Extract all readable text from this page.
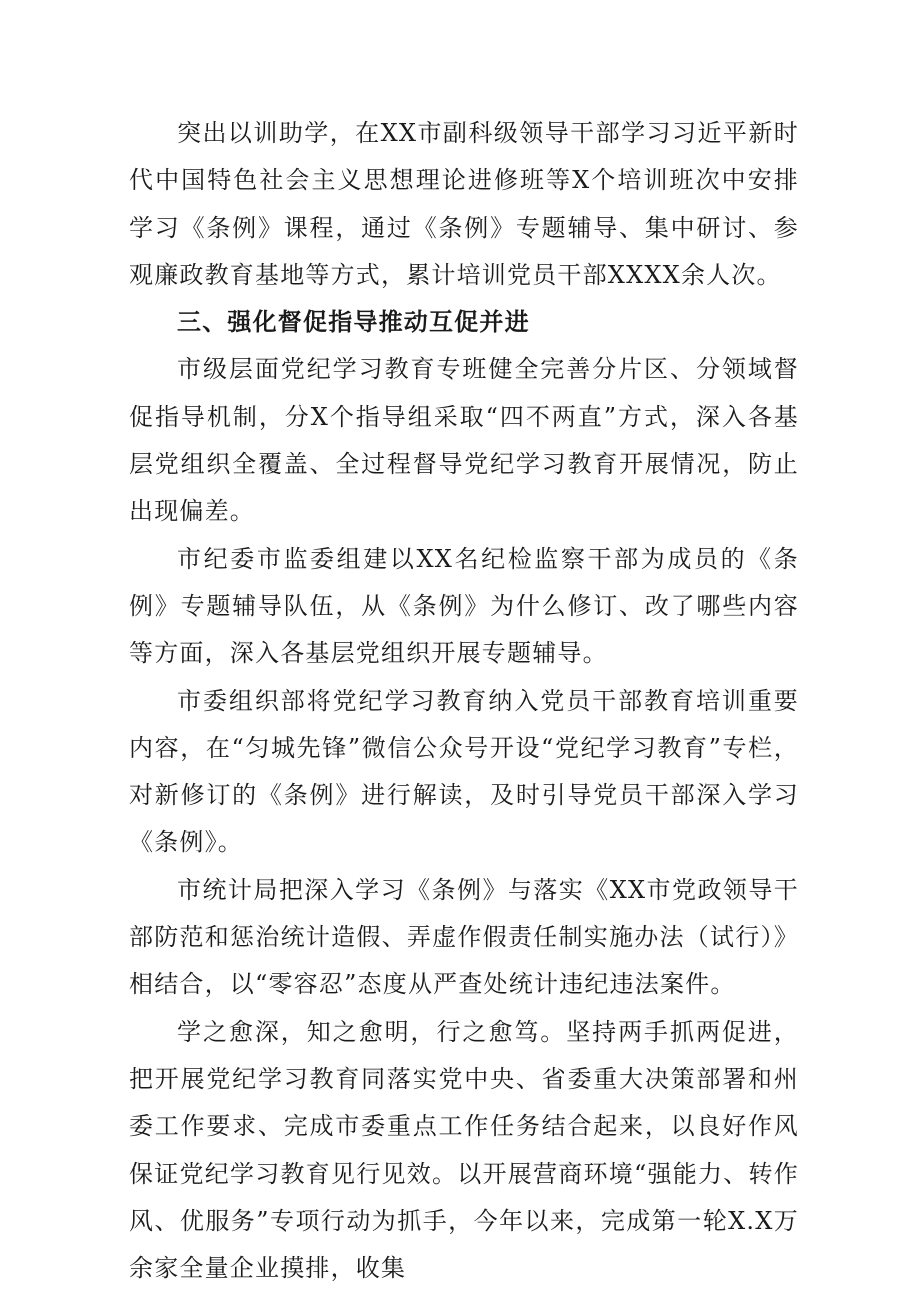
突出以训助学，在XX市副科级领导干部学习习近平新时代中国特色社会主义思想理论进修班等X个培训班次中安排学习《条例》课程，通过《条例》专题辅导、集中研讨、参观廉政教育基地等方式，累计培训党员干部XXXX余人次。

三、强化督促指导推动互促并进

市级层面党纪学习教育专班健全完善分片区、分领域督促指导机制，分X个指导组采取“四不两直”方式，深入各基层党组织全覆盖、全过程督导党纪学习教育开展情况，防止出现偏差。

市纪委市监委组建以XX名纪检监察干部为成员的《条例》专题辅导队伍，从《条例》为什么修订、改了哪些内容等方面，深入各基层党组织开展专题辅导。

市委组织部将党纪学习教育纳入党员干部教育培训重要内容，在“匀城先锋”微信公众号开设“党纪学习教育”专栏，对新修订的《条例》进行解读，及时引导党员干部深入学习《条例》。

市统计局把深入学习《条例》与落实《XX市党政领导干部防范和惩治统计造假、弄虚作假责任制实施办法（试行）》相结合，以“零容忍”态度从严查处统计违纪违法案件。

学之愈深，知之愈明，行之愈笃。坚持两手抓两促进，把开展党纪学习教育同落实党中央、省委重大决策部署和州委工作要求、完成市委重点工作任务结合起来，以良好作风保证党纪学习教育见行见效。以开展营商环境“强能力、转作风、优服务”专项行动为抓手，今年以来，完成第一轮X.X万余家全量企业摸排，收集
